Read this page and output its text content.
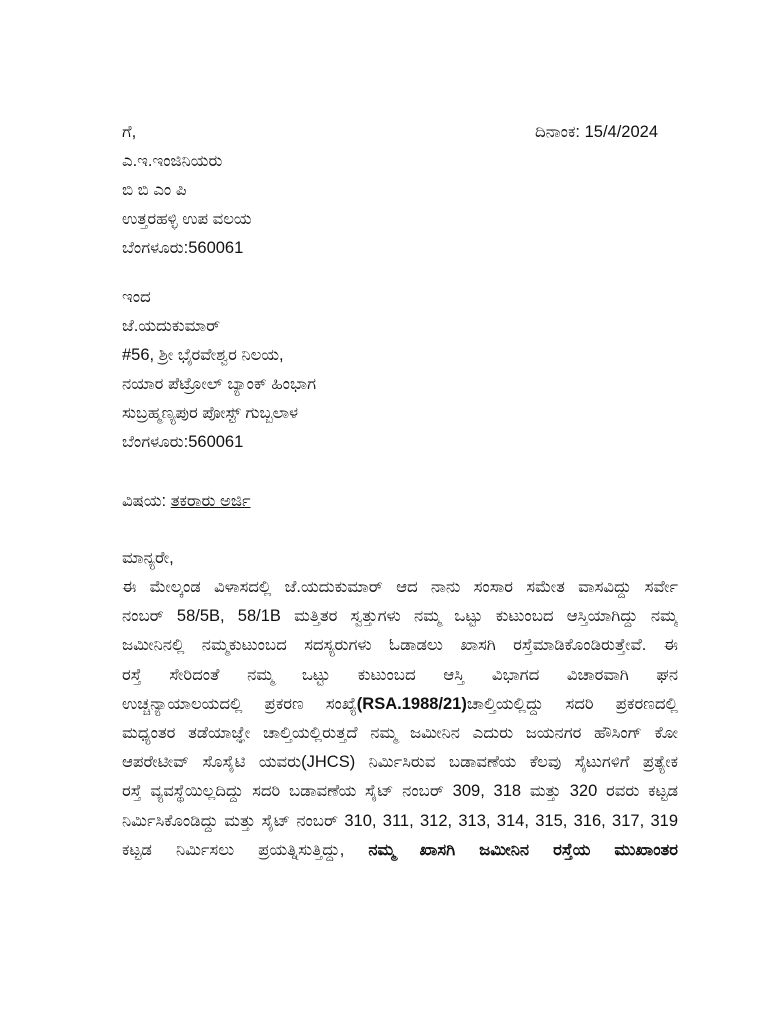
ಗೆ,	ದಿನಾಂಕ: 15/4/2024
ಎ.ಇ.ಇಂಜಿನಿಯರು
ಬಿ ಬಿ ಎಂ ಪಿ
ಉತ್ತರಹಳ್ಳಿ ಉಪ ವಲಯ
ಬೆಂಗಳೂರು:560061
ಇಂದ
ಜೆ.ಯದುಕುಮಾರ್
#56, ಶ್ರೀ ಭೈರವೇಶ್ವರ ನಿಲಯ,
ನಯಾರ ಪೆಟ್ರೋಲ್ ಬ್ಯಾಂಕ್ ಹಿಂಭಾಗ
ಸುಬ್ರಹ್ಮಣ್ಯಪುರ ಪೋಸ್ಟ್ ಗುಬ್ಬಲಾಳ
ಬೆಂಗಳೂರು:560061
ವಿಷಯ: ತಕರಾರು ಅರ್ಜಿ
ಮಾನ್ಯರೇ,
ಈ ಮೇಲ್ಕಂಡ ವಿಳಾಸದಲ್ಲಿ ಜೆ.ಯದುಕುಮಾರ್ ಆದ ನಾನು ಸಂಸಾರ ಸಮೇತ ವಾಸವಿದ್ದು ಸರ್ವೇ
ನಂಬರ್ 58/5B, 58/1B ಮತ್ತಿತರ ಸ್ವತ್ತುಗಳು ನಮ್ಮ ಒಟ್ಟು ಕುಟುಂಬದ ಆಸ್ತಿಯಾಗಿದ್ದು ನಮ್ಮ
ಜಮೀನಿನಲ್ಲಿ ನಮ್ಮಕುಟುಂಬದ ಸದಸ್ಯರುಗಳು ಓಡಾಡಲು ಖಾಸಗಿ ರಸ್ತೆಮಾಡಿಕೊಂಡಿರುತ್ತೇವೆ. ಈ
ರಸ್ತೆ ಸೇರಿದಂತೆ ನಮ್ಮ ಒಟ್ಟು ಕುಟುಂಬದ ಆಸ್ತಿ ವಿಭಾಗದ ವಿಚಾರವಾಗಿ ಘನ
ಉಚ್ಚನ್ಯಾಯಾಲಯದಲ್ಲಿ ಪ್ರಕರಣ ಸಂಖ್ಯೆ(RSA.1988/21)ಚಾಲ್ತಿಯಲ್ಲಿದ್ದು ಸದರಿ ಪ್ರಕರಣದಲ್ಲಿ
ಮಧ್ಯಂತರ ತಡೆಯಾಜ್ಞೇ ಚಾಲ್ತಿಯಲ್ಲಿರುತ್ತದೆ ನಮ್ಮ ಜಮೀನಿನ ಎದುರು ಜಯನಗರ ಹೌಸಿಂಗ್ ಕೋ
ಆಪರೇಟೀವ್ ಸೊಸೈಟಿ ಯವರು(JHCS) ನಿರ್ಮಿಸಿರುವ ಬಡಾವಣೆಯ ಕೆಲವು ಸೈಟುಗಳಿಗೆ ಪ್ರತ್ಯೇಕ
ರಸ್ತೆ ವ್ಯವಸ್ಥೆಯಿಲ್ಲದಿದ್ದು ಸದರಿ ಬಡಾವಣೆಯ ಸೈಟ್ ನಂಬರ್ 309, 318 ಮತ್ತು 320 ರವರು ಕಟ್ಟಡ
ನಿರ್ಮಿಸಿಕೊಂಡಿದ್ದು ಮತ್ತು ಸೈಟ್ ನಂಬರ್ 310, 311, 312, 313, 314, 315, 316, 317, 319
ಕಟ್ಟಡ ನಿರ್ಮಿಸಲು ಪ್ರಯತ್ನಿಸುತ್ತಿದ್ದು, ನಮ್ಮ ಖಾಸಗಿ ಜಮೀನಿನ ರಸ್ತೆಯ ಮುಖಾಂತರ
